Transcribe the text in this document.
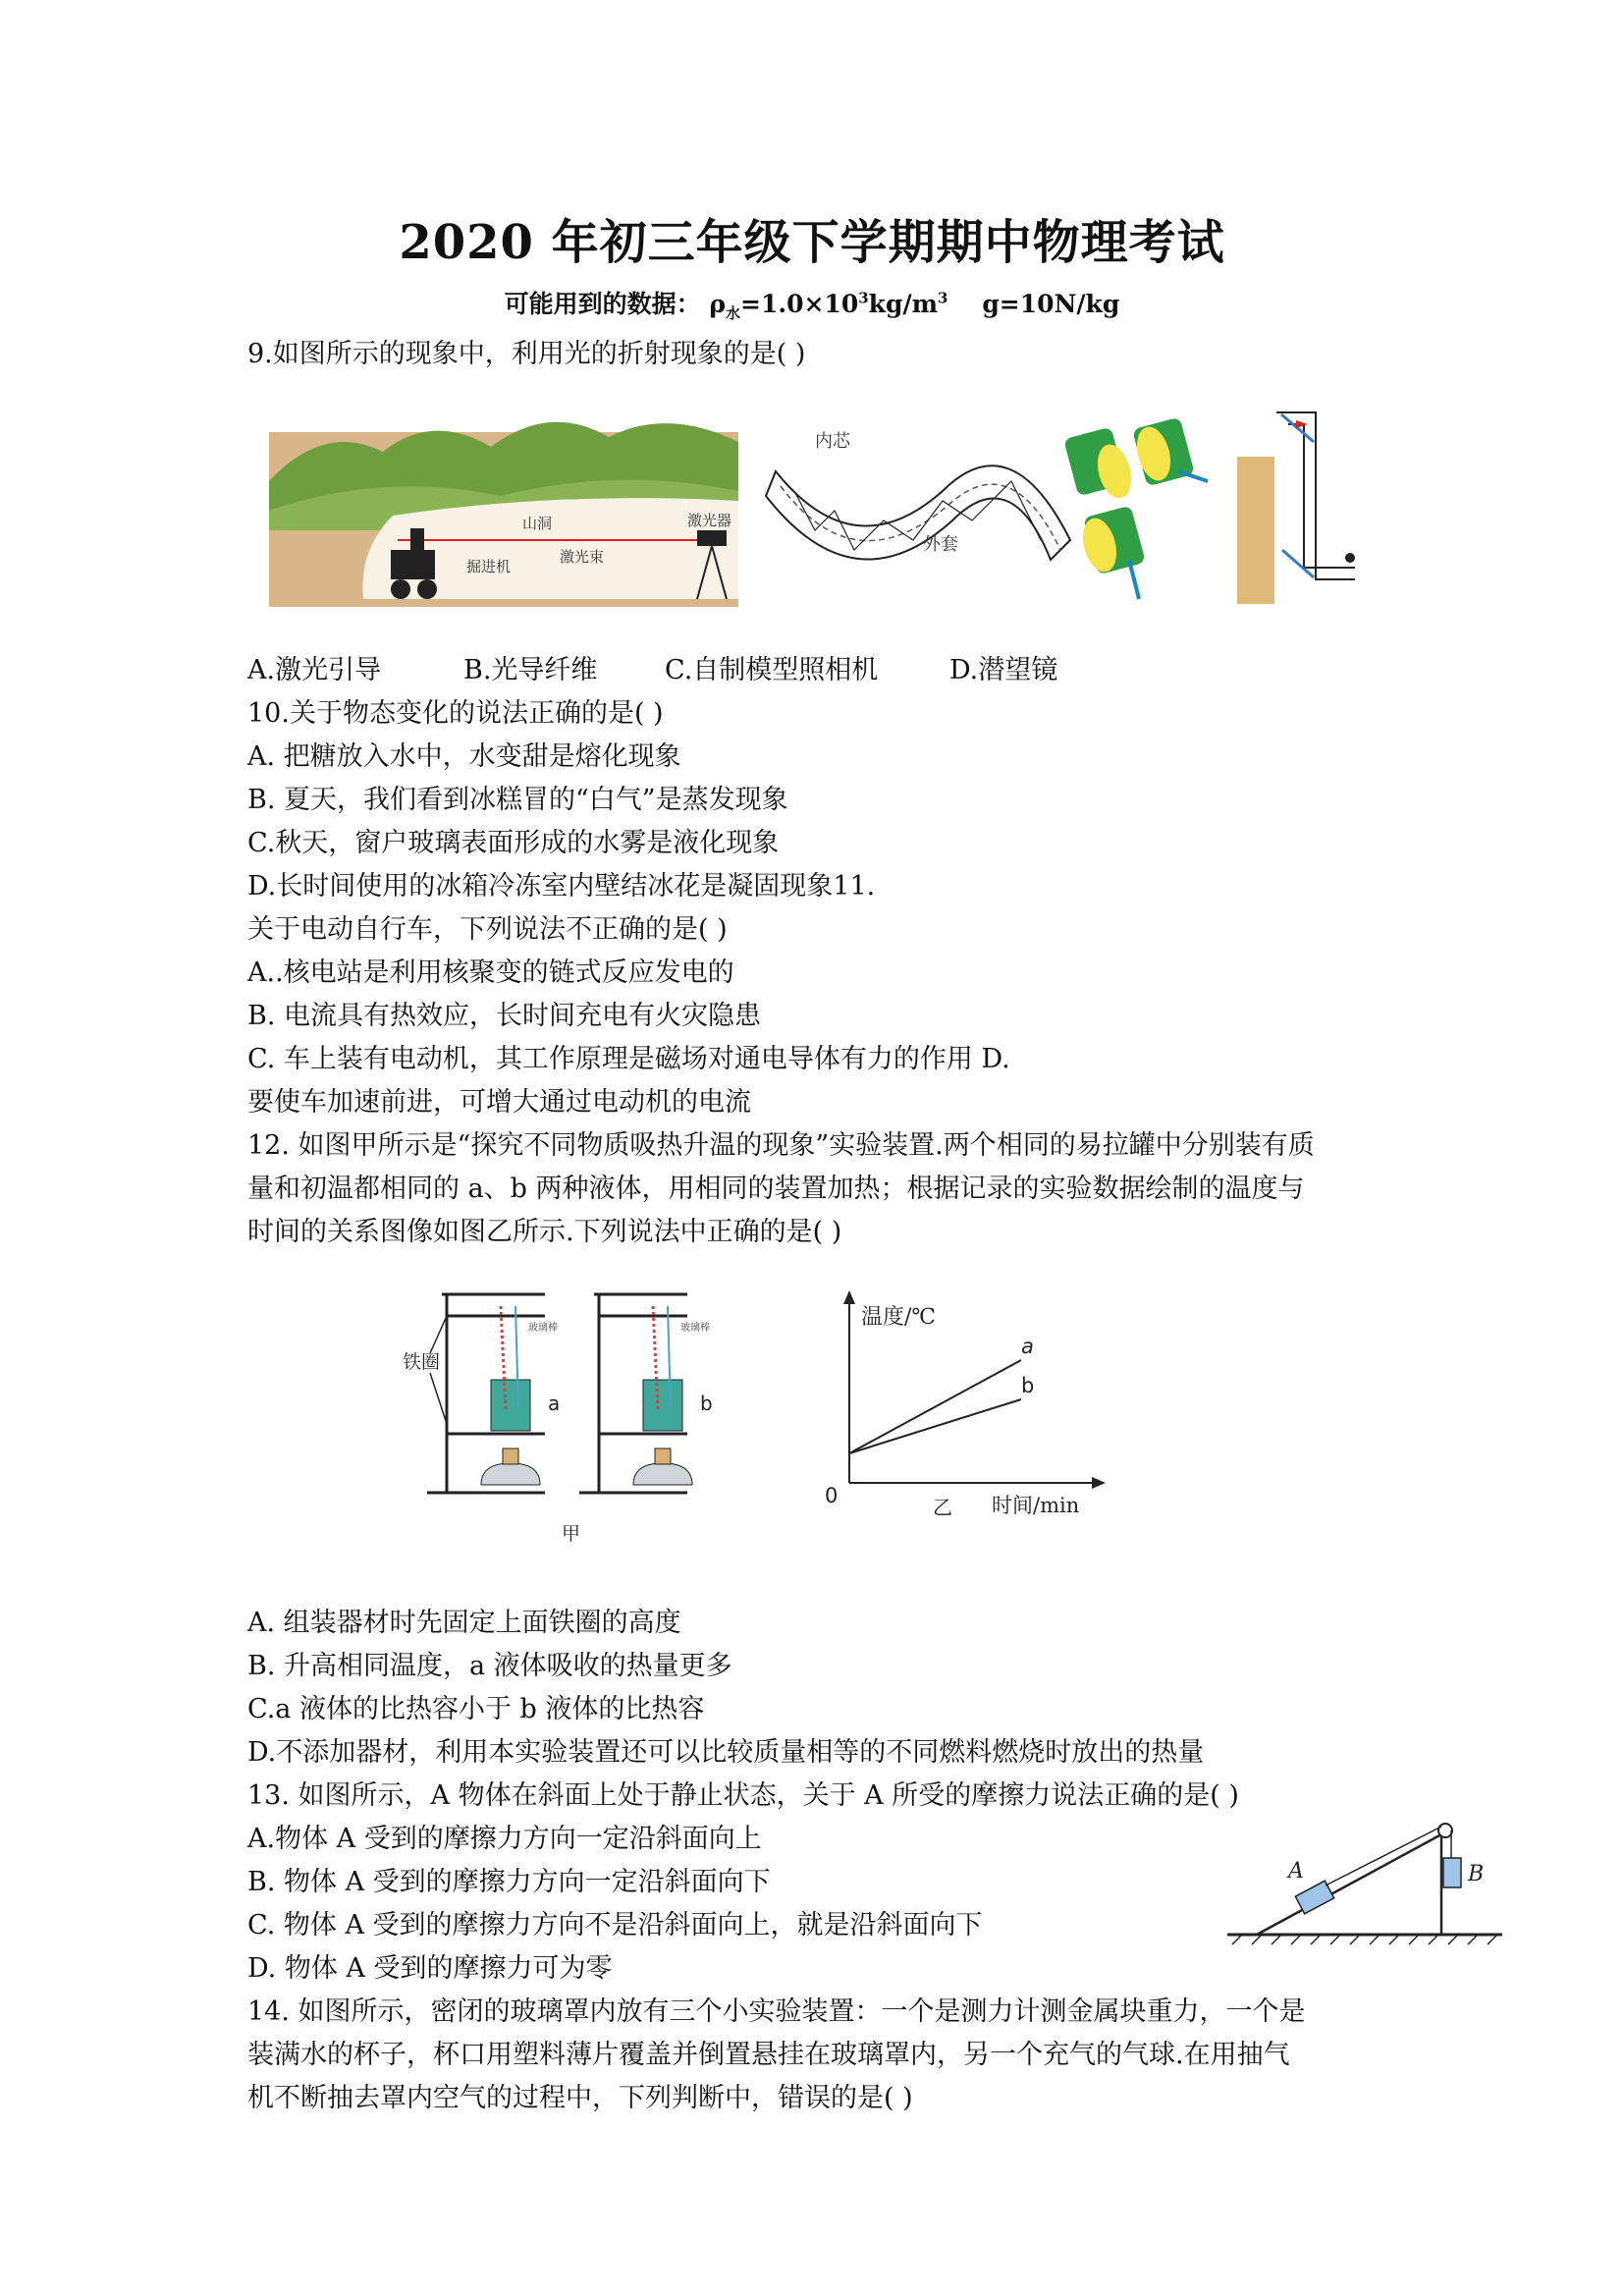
2020 年初三年级下学期期中物理考试
可能用到的数据： $\rho_水=1.0\times 10^3kg/m^3$ g=10N/kg
9.如图所示的现象中，利用光的折射现象的是( )
山洞	激光器
激光束
掘进机
内芯
外套
A.激光引导	B.光导纤维	C.自制模型照相机	D.潜望镜
10.关于物态变化的说法正确的是( )
A. 把糖放入水中，水变甜是熔化现象
B. 夏天，我们看到冰糕冒的“白气”是蒸发现象
C.秋天，窗户玻璃表面形成的水雾是液化现象
D.长时间使用的冰箱冷冻室内壁结冰花是凝固现象11.
关于电动自行车，下列说法不正确的是( )
A..核电站是利用核聚变的链式反应发电的
B. 电流具有热效应，长时间充电有火灾隐患
C. 车上装有电动机，其工作原理是磁场对通电导体有力的作用 D.
要使车加速前进，可增大通过电动机的电流
12. 如图甲所示是“探究不同物质吸热升温的现象”实验装置.两个相同的易拉罐中分别装有质
量和初温都相同的 a、b 两种液体，用相同的装置加热；根据记录的实验数据绘制的温度与
时间的关系图像如图乙所示.下列说法中正确的是( )
铁圈
玻璃棒
a
玻璃棒
b
甲
温度/℃
时间/min
0	乙
a
b
A. 组装器材时先固定上面铁圈的高度
B. 升高相同温度，a 液体吸收的热量更多
C.a 液体的比热容小于 b 液体的比热容
D.不添加器材，利用本实验装置还可以比较质量相等的不同燃料燃烧时放出的热量
13. 如图所示，A 物体在斜面上处于静止状态，关于 A 所受的摩擦力说法正确的是( )
A.物体 A 受到的摩擦力方向一定沿斜面向上
B. 物体 A 受到的摩擦力方向一定沿斜面向下
C. 物体 A 受到的摩擦力方向不是沿斜面向上，就是沿斜面向下
D. 物体 A 受到的摩擦力可为零
A	B
14. 如图所示，密闭的玻璃罩内放有三个小实验装置：一个是测力计测金属块重力，一个是
装满水的杯子，杯口用塑料薄片覆盖并倒置悬挂在玻璃罩内，另一个充气的气球.在用抽气
机不断抽去罩内空气的过程中，下列判断中，错误的是( )
